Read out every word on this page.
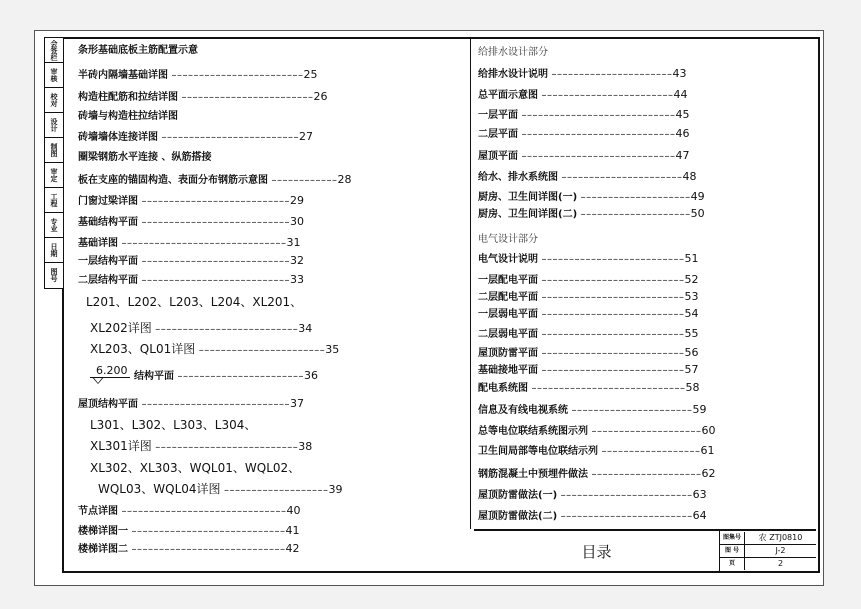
会签栏
审核
校对
设计
制图
审定
工程
专业
日期
图号
条形基础底板主筋配置示意
半砖内隔墙基础详图 ––––––––––––––––––––––––25
构造柱配筋和拉结详图 ––––––––––––––––––––––––26
砖墙与构造柱拉结详图
砖墙墙体连接详图 –––––––––––––––––––––––––27
圈梁钢筋水平连接 、纵筋搭接
板在支座的锚固构造、表面分布钢筋示意图 ––––––––––––28
门窗过梁详图 –––––––––––––––––––––––––––29
基础结构平面 –––––––––––––––––––––––––––30
基础详图 ––––––––––––––––––––––––––––––31
一层结构平面 –––––––––––––––––––––––––––32
二层结构平面 –––––––––––––––––––––––––––33
L201、L202、L203、L204、XL201、
XL202详图 ––––––––––––––––––––––––––34
XL203、QL01详图 –––––––––––––––––––––––35
6.200 结构平面 –––––––––––––––––––––––36
屋顶结构平面 –––––––––––––––––––––––––––37
L301、L302、L303、L304、
XL301详图 ––––––––––––––––––––––––––38
XL302、XL303、WQL01、WQL02、
WQL03、WQL04详图 –––––––––––––––––––39
节点详图 ––––––––––––––––––––––––––––––40
楼梯详图一 ––––––––––––––––––––––––––––41
楼梯详图二 ––––––––––––––––––––––––––––42
给排水设计部分
给排水设计说明 ––––––––––––––––––––––43
总平面示意图 ––––––––––––––––––––––––44
一层平面 ––––––––––––––––––––––––––––45
二层平面 ––––––––––––––––––––––––––––46
屋顶平面 ––––––––––––––––––––––––––––47
给水、排水系统图 ––––––––––––––––––––––48
厨房、卫生间详图(一) ––––––––––––––––––––49
厨房、卫生间详图(二) ––––––––––––––––––––50
电气设计部分
电气设计说明 ––––––––––––––––––––––––––51
一层配电平面 ––––––––––––––––––––––––––52
二层配电平面 ––––––––––––––––––––––––––53
一层弱电平面 ––––––––––––––––––––––––––54
二层弱电平面 ––––––––––––––––––––––––––55
屋顶防雷平面 ––––––––––––––––––––––––––56
基础接地平面 ––––––––––––––––––––––––––57
配电系统图 ––––––––––––––––––––––––––––58
信息及有线电视系统 ––––––––––––––––––––––59
总等电位联结系统图示列 ––––––––––––––––––––60
卫生间局部等电位联结示列 ––––––––––––––––––61
钢筋混凝土中预埋件做法 ––––––––––––––––––––62
屋顶防雷做法(一) ––––––––––––––––––––––––63
屋顶防雷做法(二) ––––––––––––––––––––––––64
目录
图集号	农 ZTJ0810
图 号	J-2
页	2
